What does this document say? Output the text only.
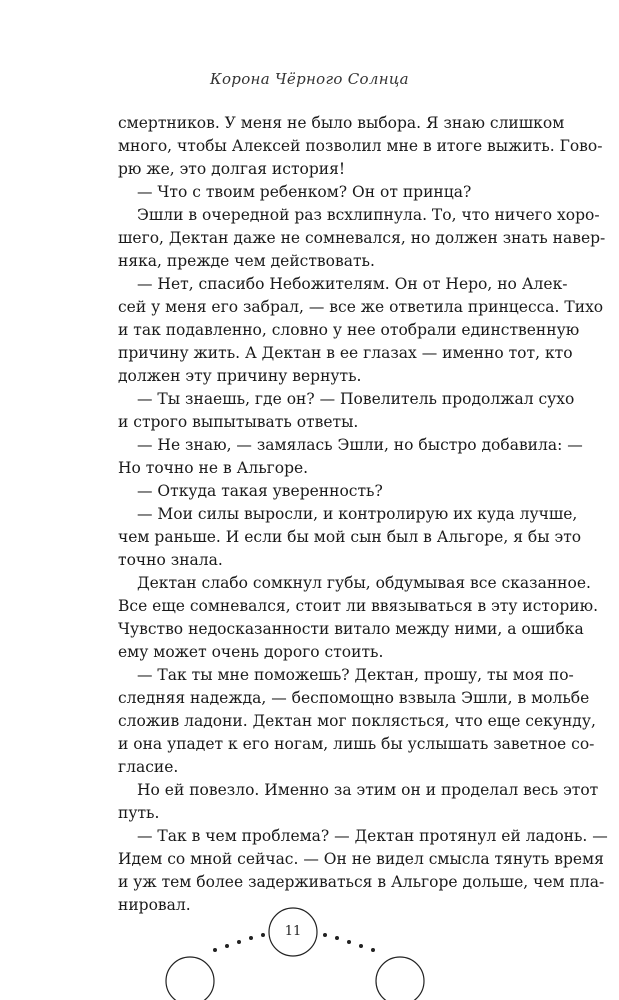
Корона Чёрного Солнца
смертников. У меня не было выбора. Я знаю слишком
много, чтобы Алексей позволил мне в итоге выжить. Гово-
рю же, это долгая история!
— Что с твоим ребенком? Он от принца?
Эшли в очередной раз всхлипнула. То, что ничего хоро-
шего, Дектан даже не сомневался, но должен знать навер-
няка, прежде чем действовать.
— Нет, спасибо Небожителям. Он от Неро, но Алек-
сей у меня его забрал, — все же ответила принцесса. Тихо
и так подавленно, словно у нее отобрали единственную
причину жить. А Дектан в ее глазах — именно тот, кто
должен эту причину вернуть.
— Ты знаешь, где он? — Повелитель продолжал сухо
и строго выпытывать ответы.
— Не знаю, — замялась Эшли, но быстро добавила: —
Но точно не в Альгоре.
— Откуда такая уверенность?
— Мои силы выросли, и контролирую их куда лучше,
чем раньше. И если бы мой сын был в Альгоре, я бы это
точно знала.
Дектан слабо сомкнул губы, обдумывая все сказанное.
Все еще сомневался, стоит ли ввязываться в эту историю.
Чувство недосказанности витало между ними, а ошибка
ему может очень дорого стоить.
— Так ты мне поможешь? Дектан, прошу, ты моя по-
следняя надежда, — беспомощно взвыла Эшли, в мольбе
сложив ладони. Дектан мог поклясться, что еще секунду,
и она упадет к его ногам, лишь бы услышать заветное со-
гласие.
Но ей повезло. Именно за этим он и проделал весь этот
путь.
— Так в чем проблема? — Дектан протянул ей ладонь. —
Идем со мной сейчас. — Он не видел смысла тянуть время
и уж тем более задерживаться в Альгоре дольше, чем пла-
нировал.
11
